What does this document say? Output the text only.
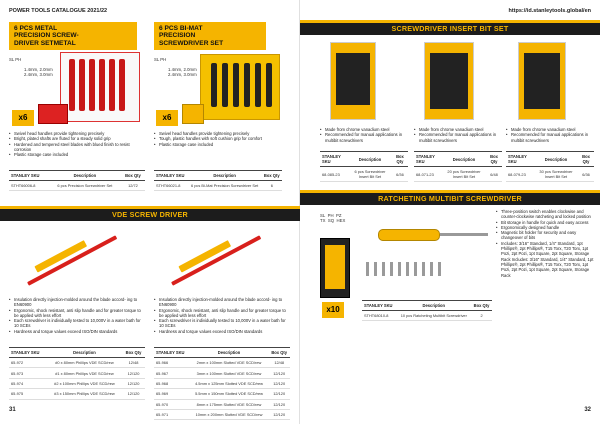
POWER TOOLS CATALOGUE 2021/22
6 PCS METAL
PRECISION SCREW-
DRIVER SETMETAL
6 PCS BI-MAT
PRECISION
SCREWDRIVER SET
SL PH
1.4mm, 2.0mm
2.4mm, 3.0mm
x6
SL PH
1.4mm, 2.0mm
2.4mm, 3.0mm
x6
• Swivel head handles provide tightening precisely
• Bright, plated shafts are fluted for a steady solid grip
• Hardened and tempered steel blades with blued finish to resist corrosion
• Plastic storage case included
• Swivel head handles provide tightening precisely
• Tough, plastic handles with soft cushion grip for comfort
• Plastic storage case included
STANLEY SKU	Description	Box Qty
STHT66006-8	6 pcs Precision Screwdriver Set	12/72
STANLEY SKU	Description	Box Qty
STHT66021-8	6 pcs Bi-Mat Precision Screwdriver Set	6
VDE SCREW DRIVER
• Insulation directly injection-molded around the blade accord- ing to EN60900
• Ergonomic, shock resistant, anti slip handle and for greater torque to be applied with less effort
• Each screwdriver is individually tested to 10,000V in a water bath for 10 SCEs
• Hardness and torque values exceed ISO/DIN standards
• Insulation directly injection-molded around the blade accord- ing to EN60900
• Ergonomic, shock resistant, anti slip handle and for greater torque to be applied with less effort
• Each screwdriver is individually tested to 10,000V in a water bath for 10 SCEs
• Hardness and torque values exceed ISO/DIN standards
STANLEY SKU	Description	Box Qty
65-972	#0 x 80mm Phillips VDE SCD/rew	12/48
65-973	#1 x 80mm Phillips VDE SCD/rew	12/120
65-974	#2 x 100mm Phillips VDE SCD/rew	12/120
65-975	#3 x 150mm Phillips VDE SCD/rew	12/120
STANLEY SKU	Description	Box Qty
65-966	2mm x 100mm Slotted VDE SCD/rew	12/48
65-967	3mm x 100mm Slotted VDE SCD/rew	12/120
65-968	4.5mm x 125mm Slotted VDE SCD/rew	12/120
65-969	5.5mm x 150mm Slotted VDE SCD/rew	12/120
65-970	8mm x 175mm Slotted VDE SCD/rew	12/120
65-971	10mm x 200mm Slotted VDE SCD/rew	12/120
31
https://id.stanleytools.global/en
SCREWDRIVER INSERT BIT SET
• Made from chrome vanadium steel
• Recommended for manual applications in multibit screwdrivers
• Made from chrome vanadium steel
• Recommended for manual applications in multibit screwdrivers
• Made from chrome vanadium steel
• Recommended for manual applications in multibit screwdrivers
STANLEY SKU	Description	Box Qty
68-085-23	6 pcs Screwdriver Insert Bit Set	6/36
STANLEY SKU	Description	Box Qty
68-071-23	20 pcs Screwdriver Insert Bit Set	6/48
STANLEY SKU	Description	Box Qty
68-079-23	30 pcs Screwdriver Insert Bit Set	6/36
RATCHETING MULTIBIT SCREWDRIVER
SL PH PZ
TX SQ HEX
x10
• Three-position switch enables clockwise and counter-clockwise ratcheting and locked position
• Bit storage in handle for quick and easy access
• Ergonomically designed handle
• Magnetic bit holder for security and easy changeover of bits
• Includes: 3/16" Standard, 1/4" Standard, 1pt Phillips®, 2pt Phillips®, T15 Torx, T20 Torx, 1pt Pozi, 2pt Pozi, 1pt Square, 2pt Square, Storage Rack Includes: 3/16" Standard, 1/4" Standard, 1pt Phillips®, 2pt Phillips®, T15 Torx, T20 Torx, 1pt Pozi, 2pt Pozi, 1pt Square, 2pt Square, Storage Rack
STANLEY SKU	Description	Box Qty
STHT68010-8	10 pcs Ratcheting Multibit Screwdriver	2
32
